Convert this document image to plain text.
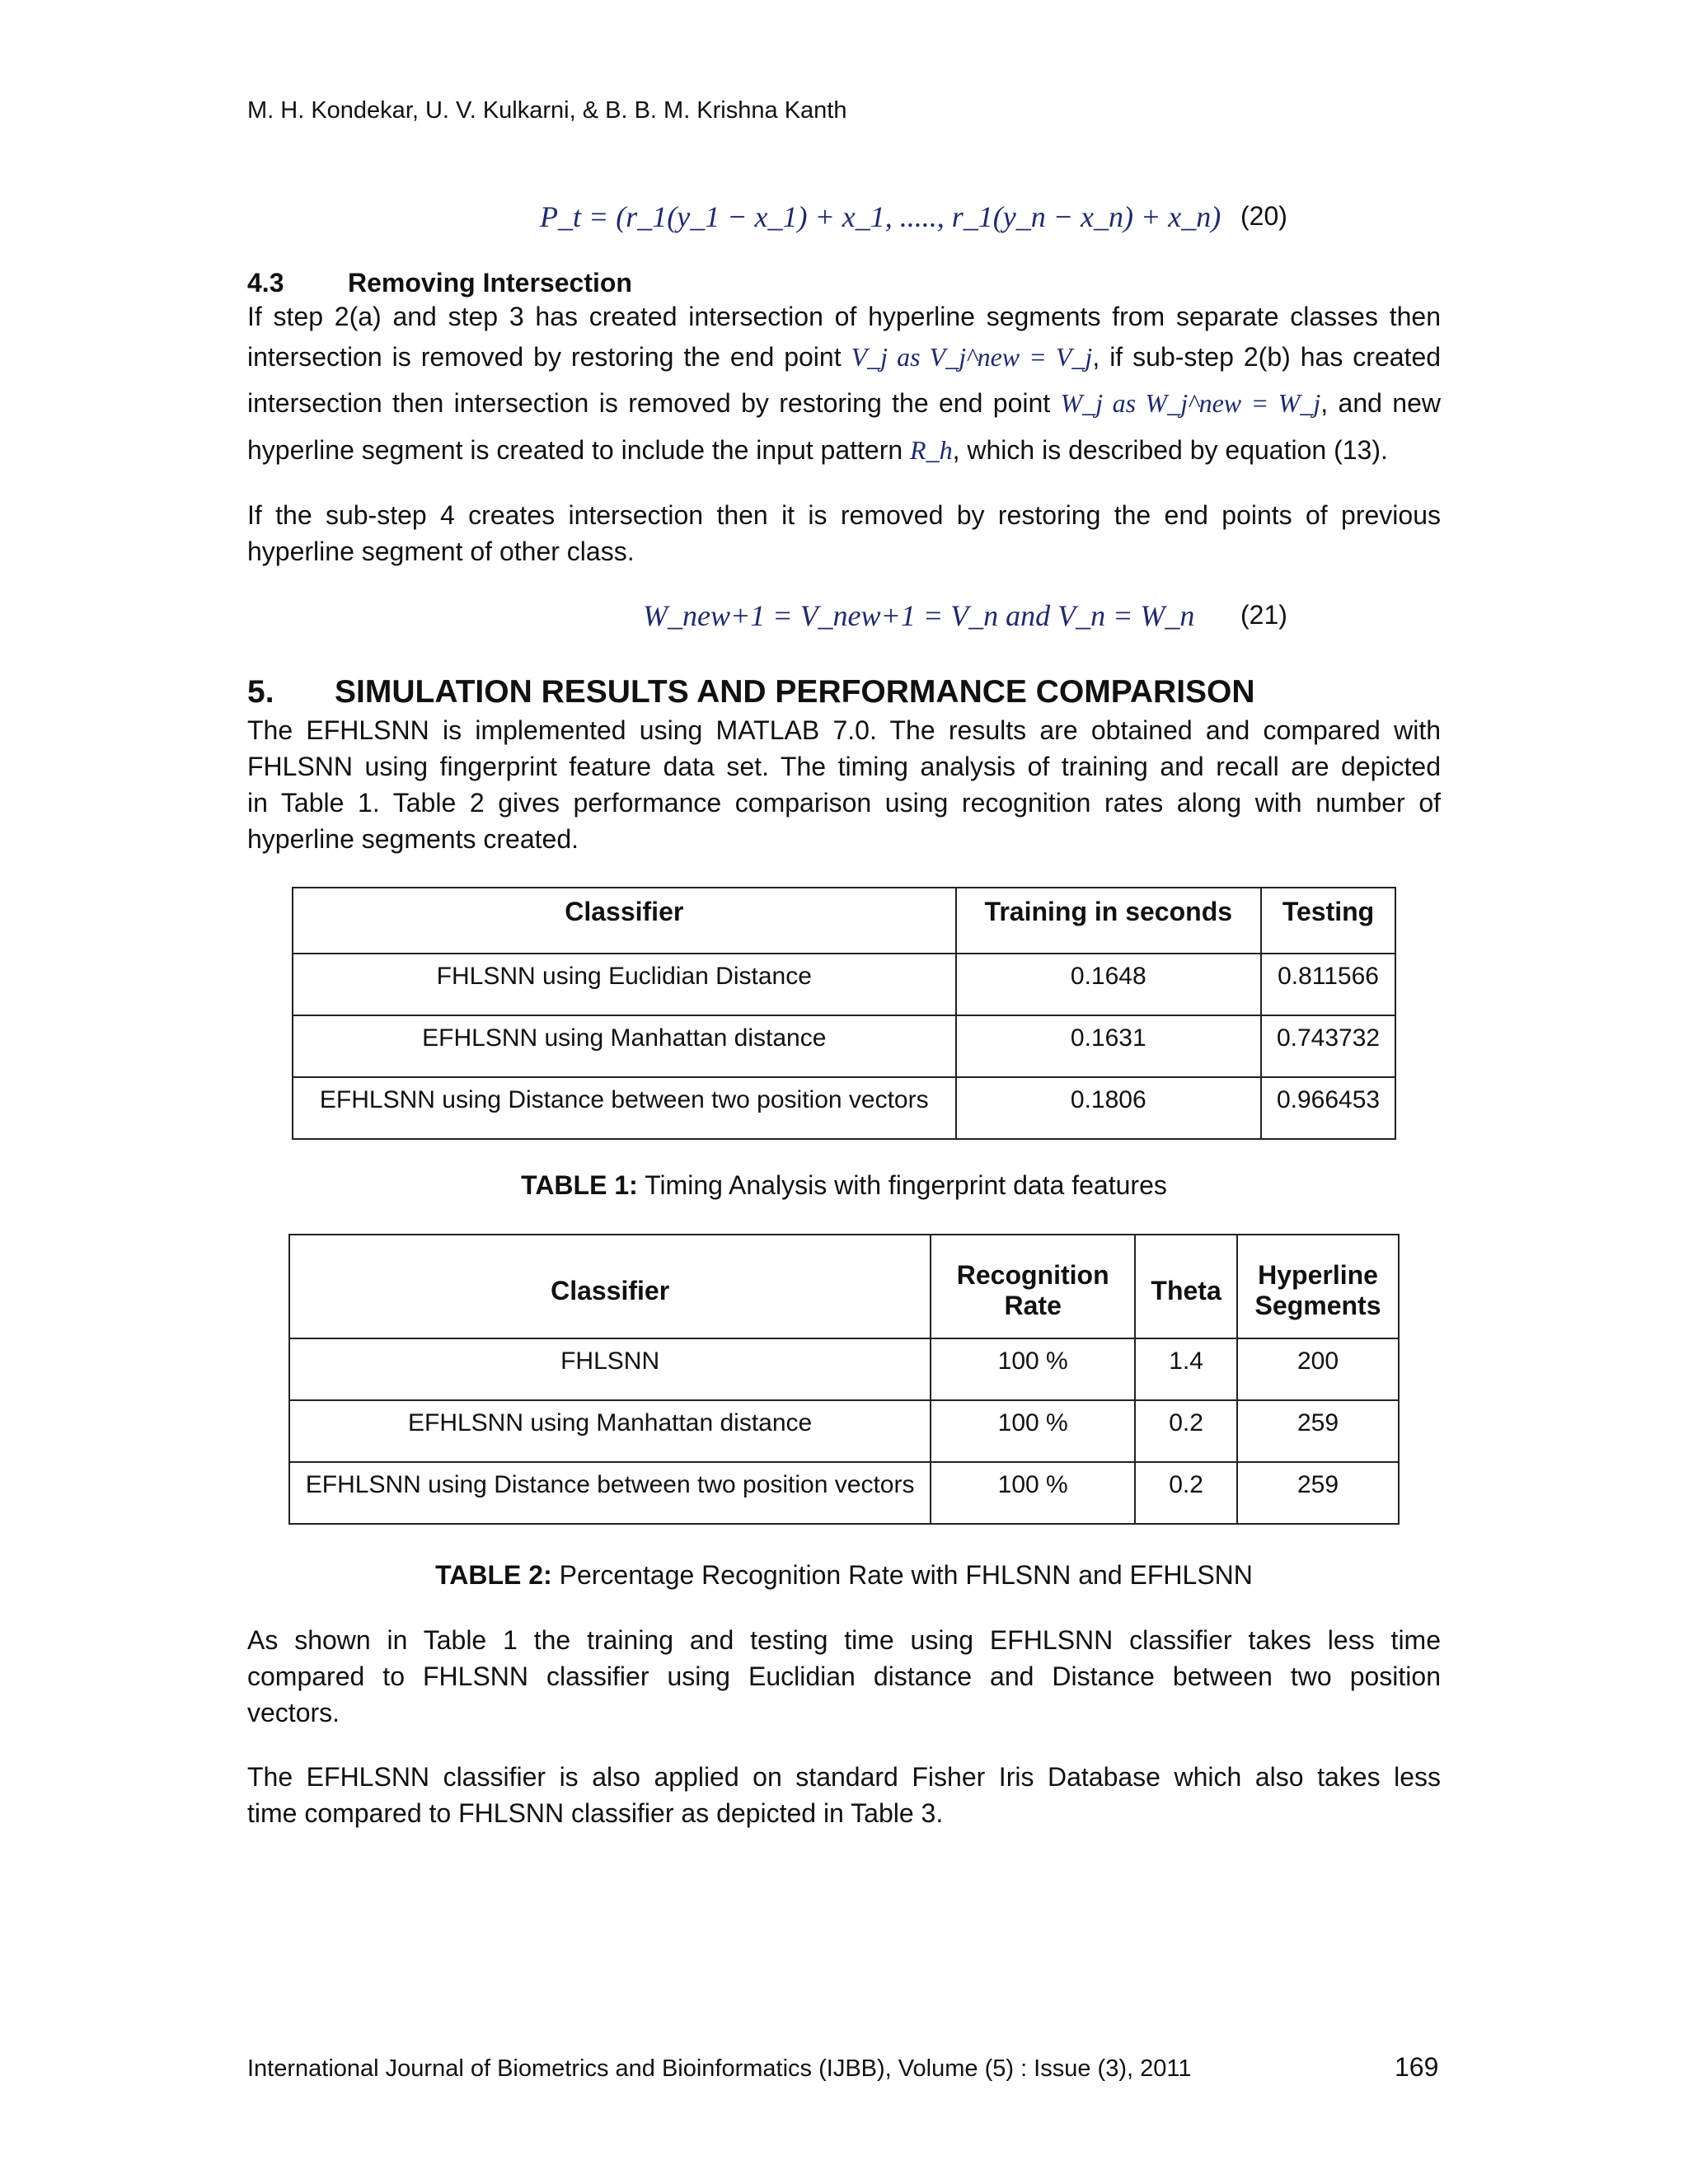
M. H. Kondekar, U. V. Kulkarni, & B. B. M. Krishna Kanth
P_t = (r_1(y_1 − x_1) + x_1, ....., r_1(y_n − x_n) + x_n) (20)
4.3 Removing Intersection
If step 2(a) and step 3 has created intersection of hyperline segments from separate classes then
intersection is removed by restoring the end point V_j as V_j^new = V_j, if sub-step 2(b) has created
intersection then intersection is removed by restoring the end point W_j as W_j^new = W_j, and new
hyperline segment is created to include the input pattern R_h, which is described by equation (13).
If the sub-step 4 creates intersection then it is removed by restoring the end points of previous
hyperline segment of other class.
W_new+1 = V_new+1 = V_n and V_n = W_n (21)
5. SIMULATION RESULTS AND PERFORMANCE COMPARISON
The EFHLSNN is implemented using MATLAB 7.0. The results are obtained and compared with
FHLSNN using fingerprint feature data set. The timing analysis of training and recall are depicted
in Table 1. Table 2 gives performance comparison using recognition rates along with number of
hyperline segments created.
Classifier	Training in seconds	Testing
FHLSNN using Euclidian Distance	0.1648	0.811566
EFHLSNN using Manhattan distance	0.1631	0.743732
EFHLSNN using Distance between two position vectors	0.1806	0.966453
TABLE 1: Timing Analysis with fingerprint data features
Classifier	Recognition Rate	Theta	Hyperline Segments
FHLSNN	100 %	1.4	200
EFHLSNN using Manhattan distance	100 %	0.2	259
EFHLSNN using Distance between two position vectors	100 %	0.2	259
TABLE 2: Percentage Recognition Rate with FHLSNN and EFHLSNN
As shown in Table 1 the training and testing time using EFHLSNN classifier takes less time
compared to FHLSNN classifier using Euclidian distance and Distance between two position
vectors.
The EFHLSNN classifier is also applied on standard Fisher Iris Database which also takes less
time compared to FHLSNN classifier as depicted in Table 3.
International Journal of Biometrics and Bioinformatics (IJBB), Volume (5) : Issue (3), 2011	169
